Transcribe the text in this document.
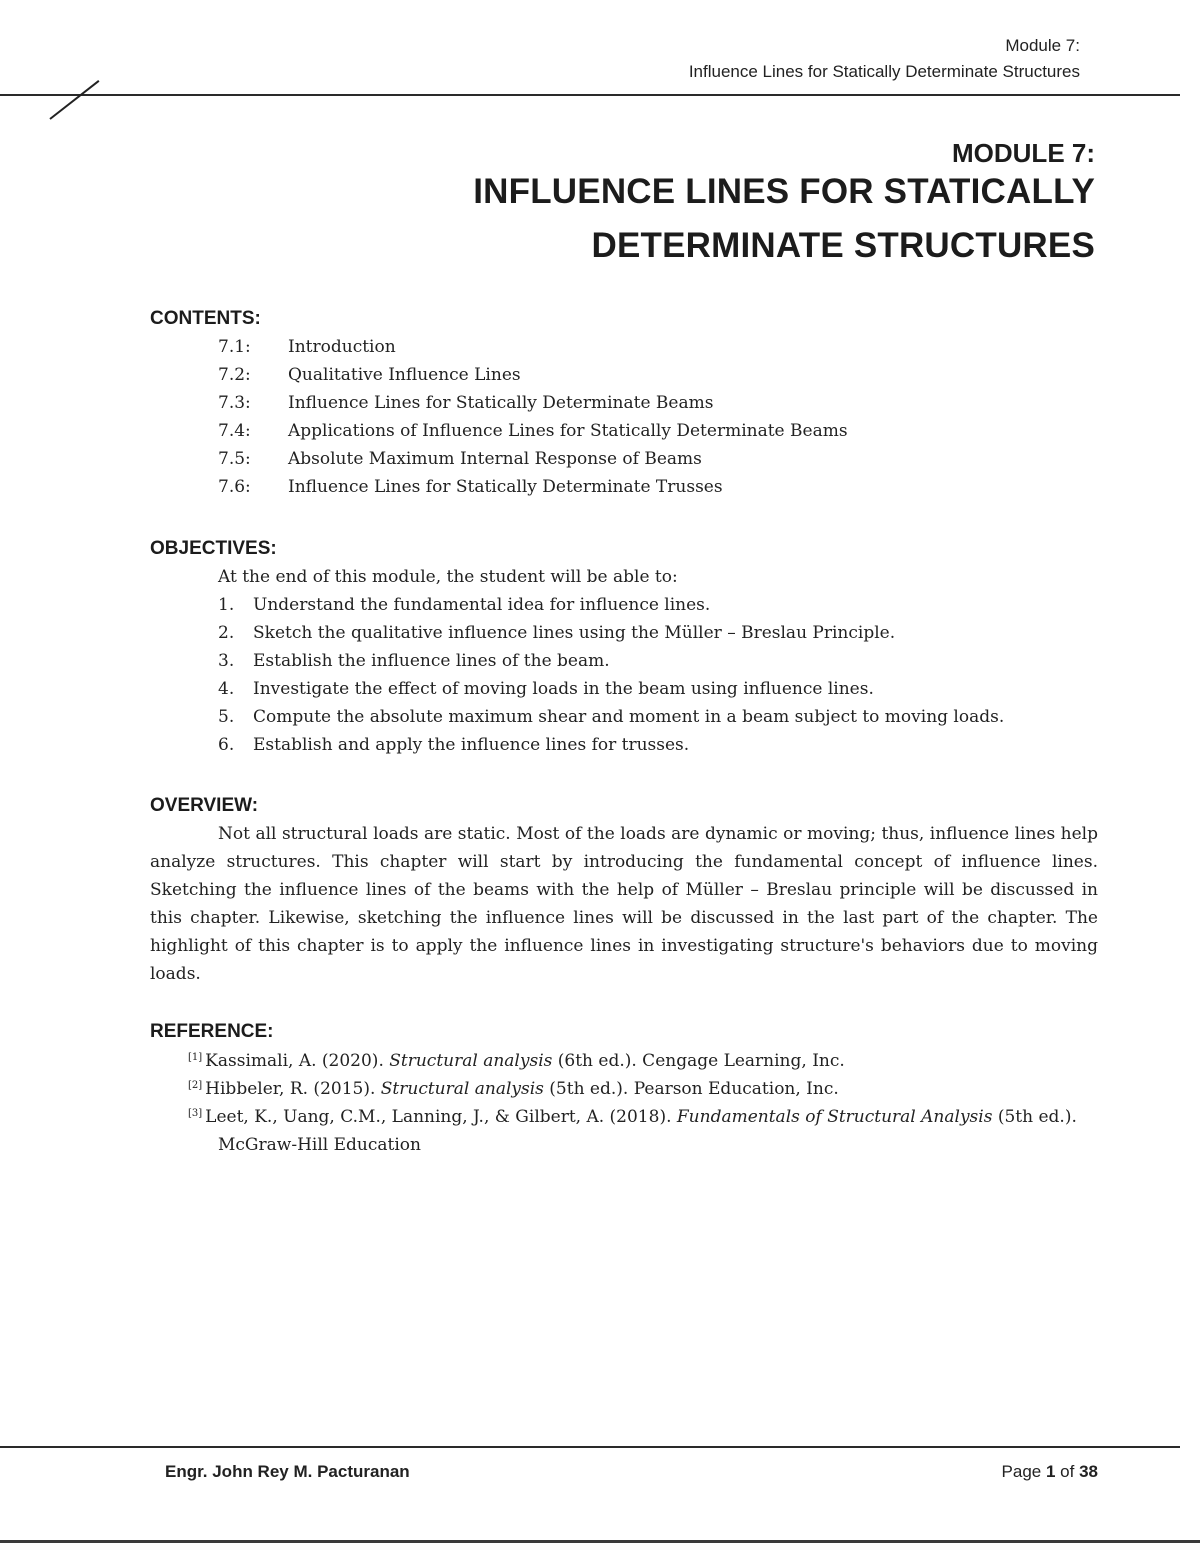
Module 7:
Influence Lines for Statically Determinate Structures
MODULE 7:
INFLUENCE LINES FOR STATICALLY
DETERMINATE STRUCTURES
CONTENTS:
7.1:	Introduction
7.2:	Qualitative Influence Lines
7.3:	Influence Lines for Statically Determinate Beams
7.4:	Applications of Influence Lines for Statically Determinate Beams
7.5:	Absolute Maximum Internal Response of Beams
7.6:	Influence Lines for Statically Determinate Trusses
OBJECTIVES:
At the end of this module, the student will be able to:
1.	Understand the fundamental idea for influence lines.
2.	Sketch the qualitative influence lines using the Müller – Breslau Principle.
3.	Establish the influence lines of the beam.
4.	Investigate the effect of moving loads in the beam using influence lines.
5.	Compute the absolute maximum shear and moment in a beam subject to moving loads.
6.	Establish and apply the influence lines for trusses.
OVERVIEW:
Not all structural loads are static. Most of the loads are dynamic or moving; thus, influence lines help analyze structures. This chapter will start by introducing the fundamental concept of influence lines. Sketching the influence lines of the beams with the help of Müller – Breslau principle will be discussed in this chapter. Likewise, sketching the influence lines will be discussed in the last part of the chapter. The highlight of this chapter is to apply the influence lines in investigating structure's behaviors due to moving loads.
REFERENCE:
[1] Kassimali, A. (2020). Structural analysis (6th ed.). Cengage Learning, Inc.
[2] Hibbeler, R. (2015). Structural analysis (5th ed.). Pearson Education, Inc.
[3] Leet, K., Uang, C.M., Lanning, J., & Gilbert, A. (2018). Fundamentals of Structural Analysis (5th ed.).
McGraw-Hill Education
Engr. John Rey M. Pacturanan	Page 1 of 38
